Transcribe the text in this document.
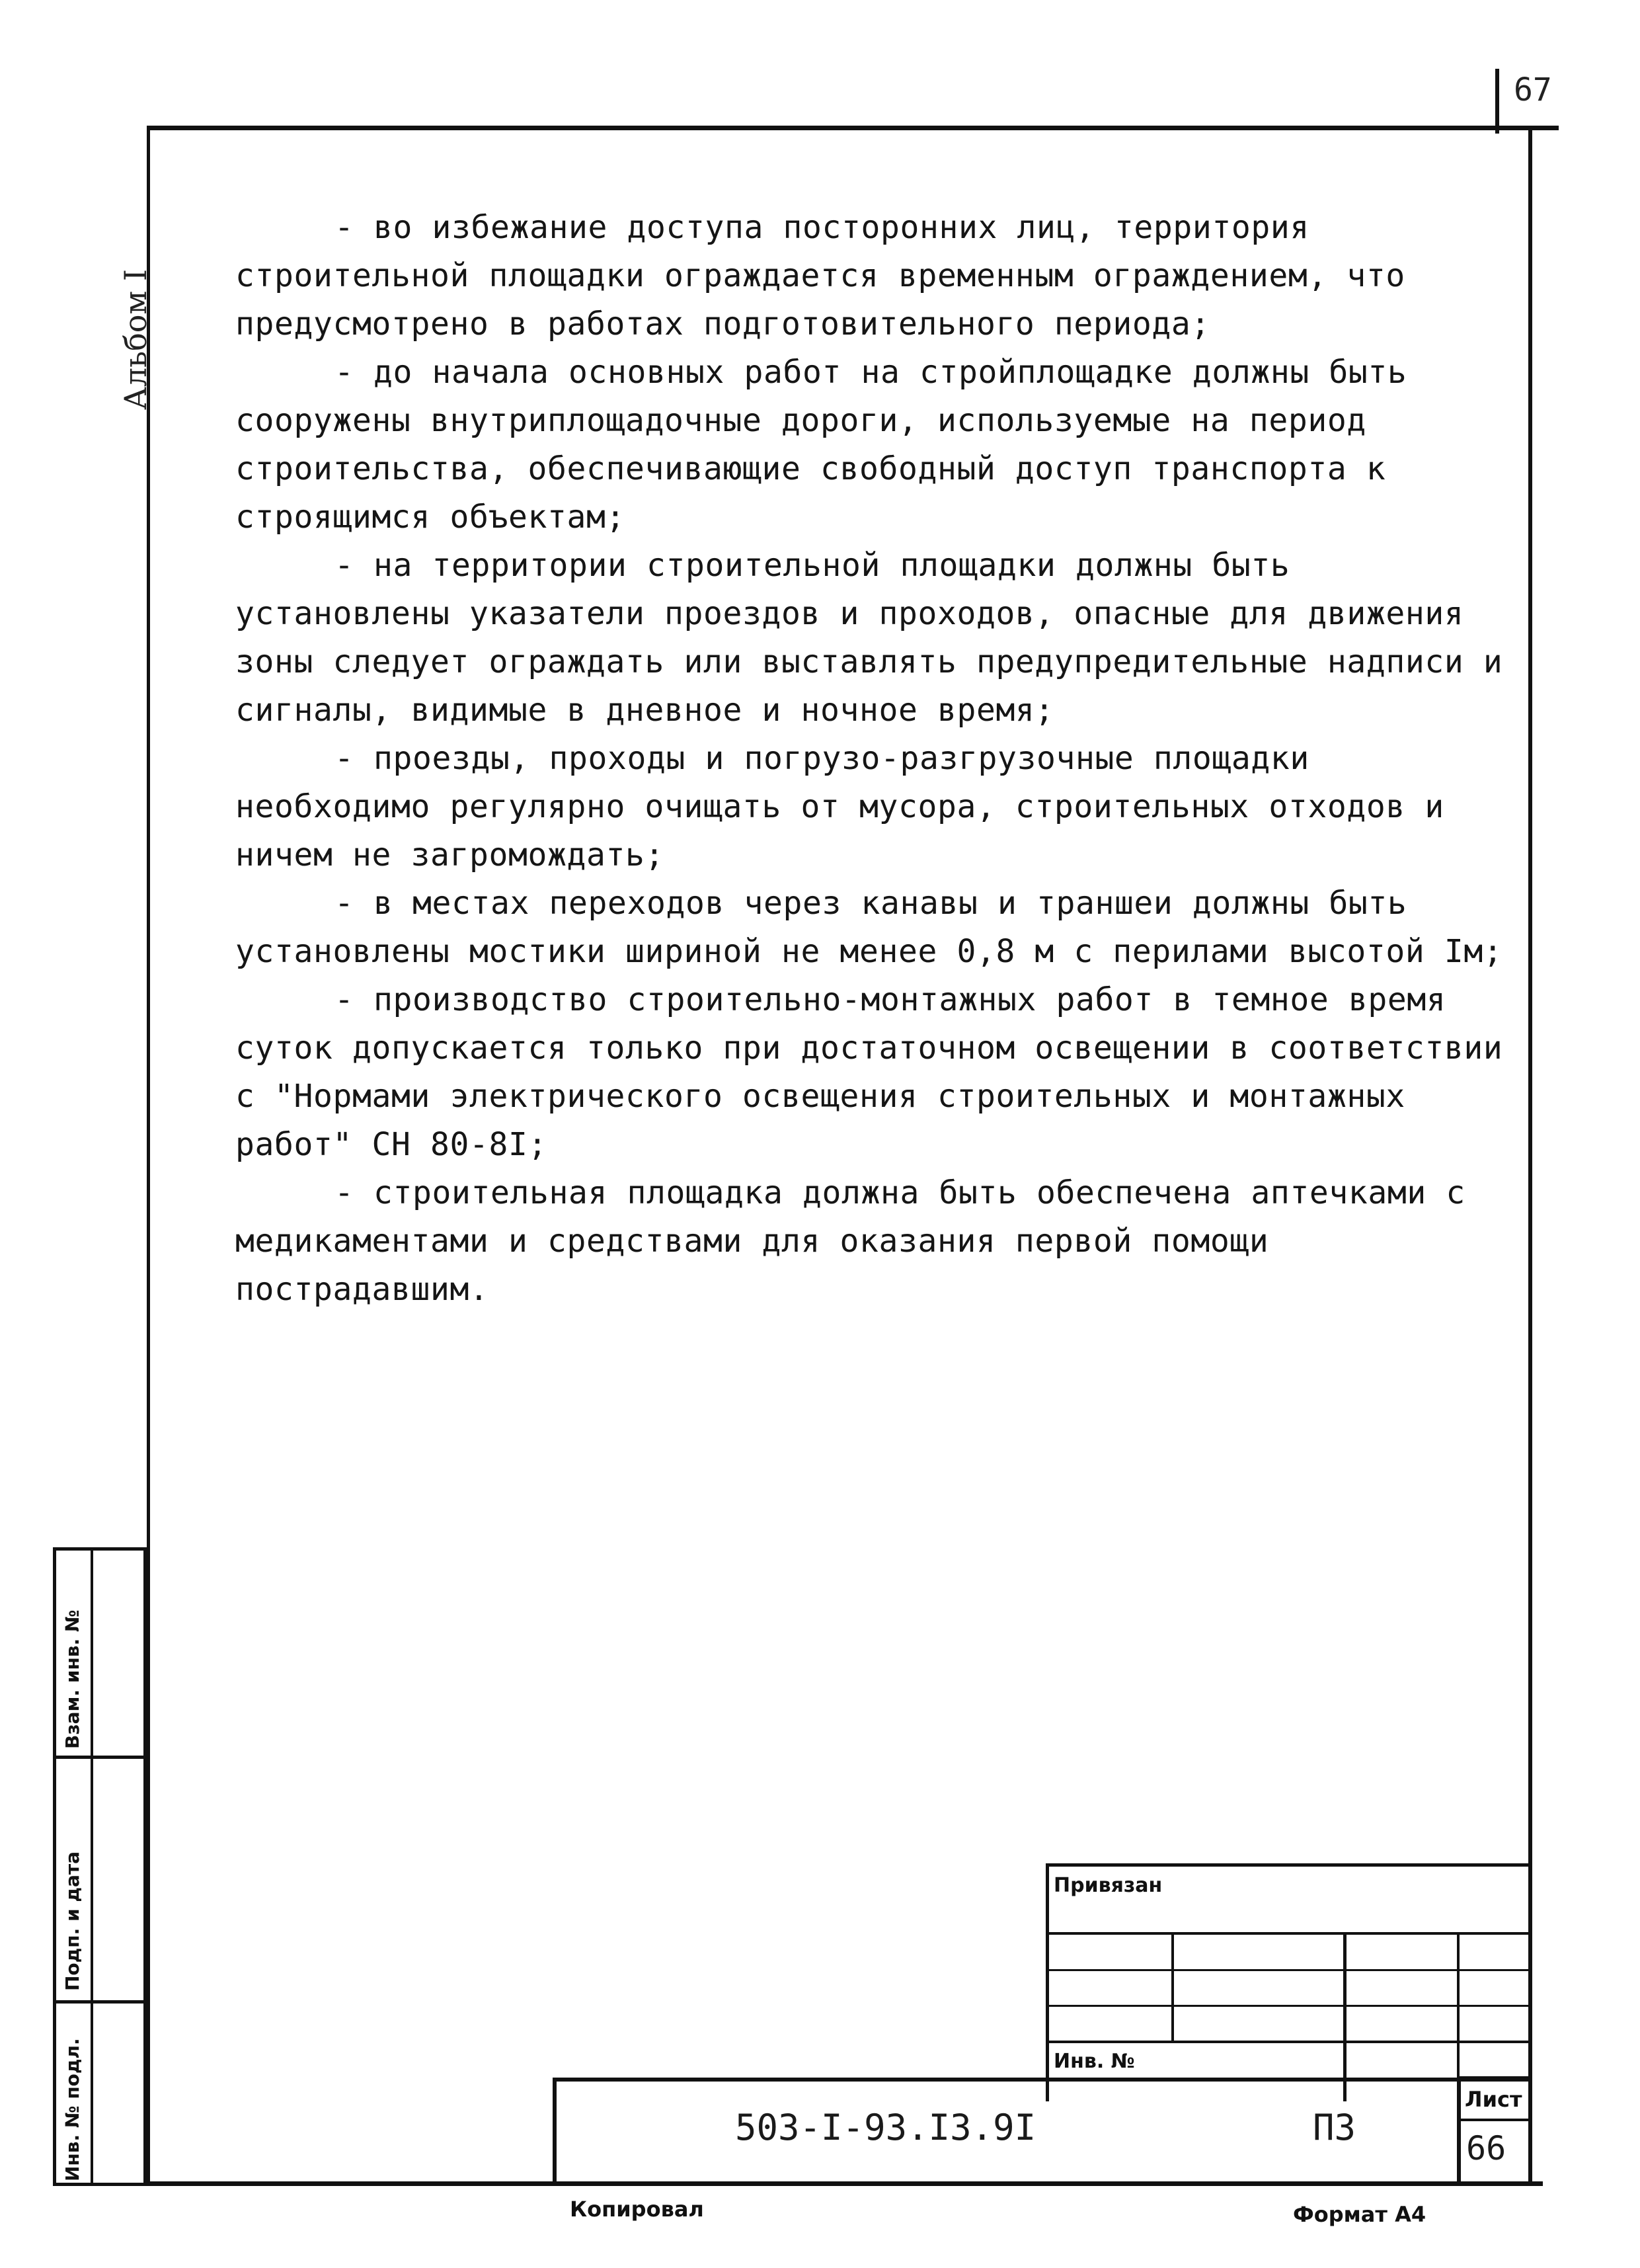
67
Альбом I

- во избежание доступа посторонних лиц, территория строительной площадки ограждается временным ограждением, что предусмотрено в работах подготовительного периода;

- до начала основных работ на стройплощадке должны быть сооружены внутриплощадочные дороги, используемые на период строительства, обеспечивающие свободный доступ транспорта к строящимся объектам;

- на территории строительной площадки должны быть установлены указатели проездов и проходов, опасные для движения зоны следует ограждать или выставлять предупредительные надписи и сигналы, видимые в дневное и ночное время;

- проезды, проходы и погрузо-разгрузочные площадки необходимо регулярно очищать от мусора, строительных отходов и ничем не загромождать;

- в местах переходов через канавы и траншеи должны быть установлены мостики шириной не менее 0,8 м с перилами высотой Iм;

- производство строительно-монтажных работ в темное время суток допускается только при достаточном освещении в соответствии с "Нормами электрического освещения строительных и монтажных работ" СН 80-8I;

- строительная площадка должна быть обеспечена аптечками с медикаментами и средствами для оказания первой помощи пострадавшим.

Взам. инв. №
Подп. и дата
Инв. № подл.
Привязан
Инв. №
503-I-93.I3.9I	ПЗ
Лист
66
Копировал	Формат А4
